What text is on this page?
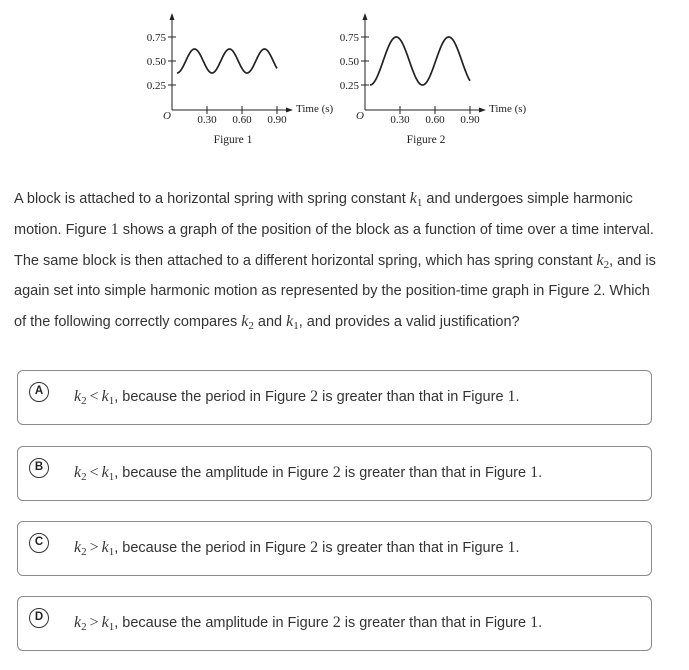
0.75
0.50
0.25
0.30 0.60 0.90
O
Time (s)
Figure 1
0.75
0.50
0.25
0.30 0.60 0.90
O
Time (s)
Figure 2
A block is attached to a horizontal spring with spring constant $k_1$ and undergoes simple harmonic motion. Figure 1 shows a graph of the position of the block as a function of time over a time interval. The same block is then attached to a different horizontal spring, which has spring constant $k_2$, and is again set into simple harmonic motion as represented by the position-time graph in Figure 2. Which of the following correctly compares $k_2$ and $k_1$, and provides a valid justification?
A	$k_2 < k_1$, because the period in Figure 2 is greater than that in Figure 1.
B	$k_2 < k_1$, because the amplitude in Figure 2 is greater than that in Figure 1.
C	$k_2 > k_1$, because the period in Figure 2 is greater than that in Figure 1.
D	$k_2 > k_1$, because the amplitude in Figure 2 is greater than that in Figure 1.
